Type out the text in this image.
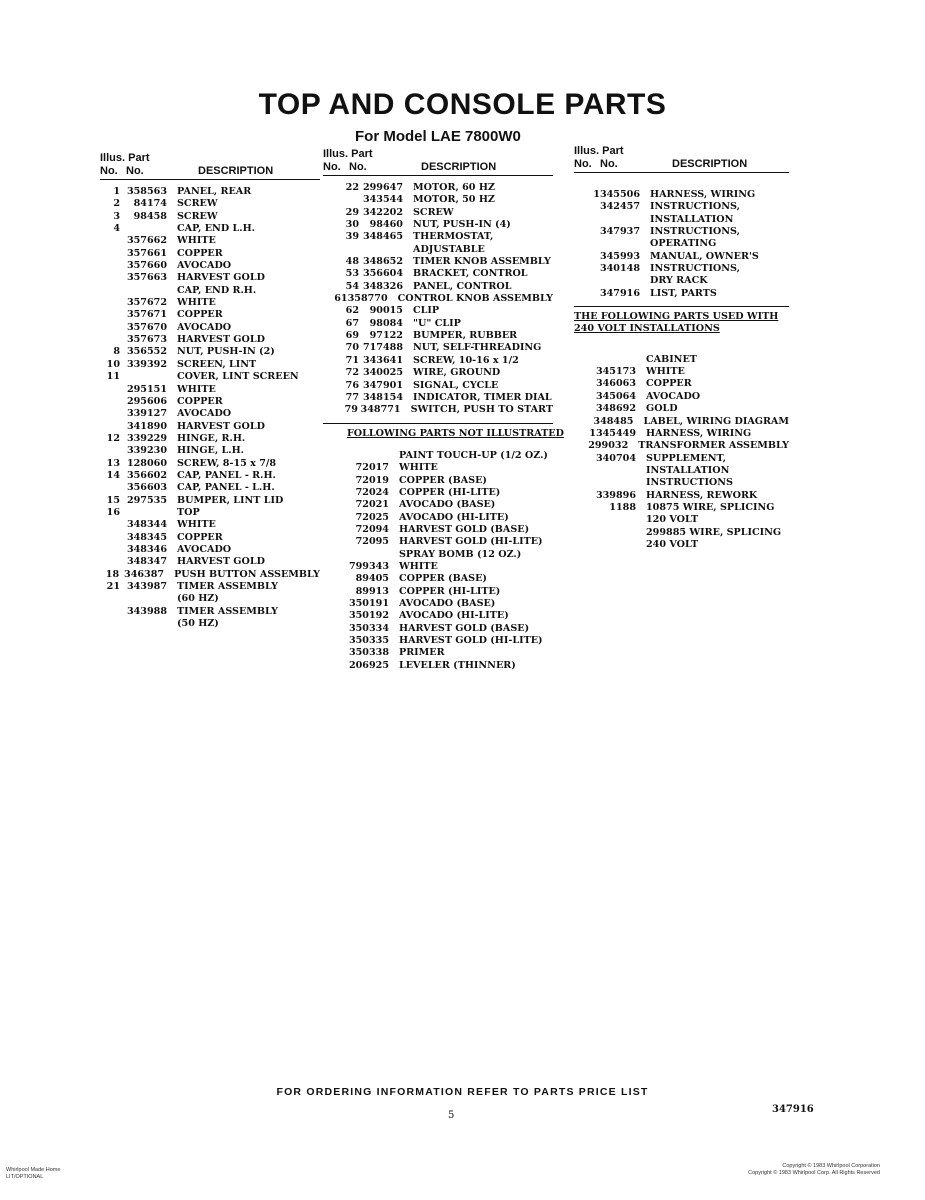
TOP AND CONSOLE PARTS
For Model LAE 7800W0
Illus. Part
No. No.	DESCRIPTION
1 358563	PANEL, REAR
2	84174	SCREW
3	98458	SCREW
4	CAP, END L.H.
357662	WHITE
357661	COPPER
357660	AVOCADO
357663	HARVEST GOLD
CAP, END R.H.
357672	WHITE
357671	COPPER
357670	AVOCADO
357673	HARVEST GOLD
8 356552	NUT, PUSH-IN (2)
10 339392	SCREEN, LINT
11	COVER, LINT SCREEN
295151	WHITE
295606	COPPER
339127	AVOCADO
341890	HARVEST GOLD
12 339229	HINGE, R.H.
339230	HINGE, L.H.
13 128060	SCREW, 8-15 x 7/8
14 356602	CAP, PANEL - R.H.
356603	CAP, PANEL - L.H.
15 297535	BUMPER, LINT LID
16	TOP
348344	WHITE
348345	COPPER
348346	AVOCADO
348347	HARVEST GOLD
18 346387	PUSH BUTTON ASSEMBLY
21 343987	TIMER ASSEMBLY
(60 HZ)
343988	TIMER ASSEMBLY
(50 HZ)
Illus. Part
No. No.	DESCRIPTION
22 299647	MOTOR, 60 HZ
343544	MOTOR, 50 HZ
29 342202	SCREW
30	98460	NUT, PUSH-IN (4)
39 348465	THERMOSTAT,
ADJUSTABLE
48 348652	TIMER KNOB ASSEMBLY
53 356604	BRACKET, CONTROL
54 348326	PANEL, CONTROL
61 358770	CONTROL KNOB ASSEMBLY
62	90015	CLIP
67	98084	"U" CLIP
69	97122	BUMPER, RUBBER
70 717488	NUT, SELF-THREADING
71 343641	SCREW, 10-16 x 1/2
72 340025	WIRE, GROUND
76 347901	SIGNAL, CYCLE
77 348154	INDICATOR, TIMER DIAL
79 348771	SWITCH, PUSH TO START
FOLLOWING PARTS NOT ILLUSTRATED
PAINT TOUCH-UP (1/2 OZ.)
72017	WHITE
72019	COPPER (BASE)
72024	COPPER (HI-LITE)
72021	AVOCADO (BASE)
72025	AVOCADO (HI-LITE)
72094	HARVEST GOLD (BASE)
72095	HARVEST GOLD (HI-LITE)
SPRAY BOMB (12 OZ.)
799343	WHITE
89405	COPPER (BASE)
89913	COPPER (HI-LITE)
350191	AVOCADO (BASE)
350192	AVOCADO (HI-LITE)
350334	HARVEST GOLD (BASE)
350335	HARVEST GOLD (HI-LITE)
350338	PRIMER
206925	LEVELER (THINNER)
Illus. Part
No. No.	DESCRIPTION
1345506	HARNESS, WIRING
342457	INSTRUCTIONS,
INSTALLATION
347937	INSTRUCTIONS,
OPERATING
345993	MANUAL, OWNER'S
340148	INSTRUCTIONS,
DRY RACK
347916	LIST, PARTS
THE FOLLOWING PARTS USED WITH
240 VOLT INSTALLATIONS
CABINET
345173	WHITE
346063	COPPER
345064	AVOCADO
348692	GOLD
348485	LABEL, WIRING DIAGRAM
1345449	HARNESS, WIRING
299032	TRANSFORMER ASSEMBLY
340704	SUPPLEMENT,
INSTALLATION
INSTRUCTIONS
339896	HARNESS, REWORK
1188	10875 WIRE, SPLICING
120 VOLT
299885 WIRE, SPLICING
240 VOLT
FOR ORDERING INFORMATION REFER TO PARTS PRICE LIST
5
347916
Whirlpool Made Home
LIT/OPTIONAL
Copyright © 1983 Whirlpool Corporation
Copyright © 1983 Whirlpool Corp. All Rights Reserved
